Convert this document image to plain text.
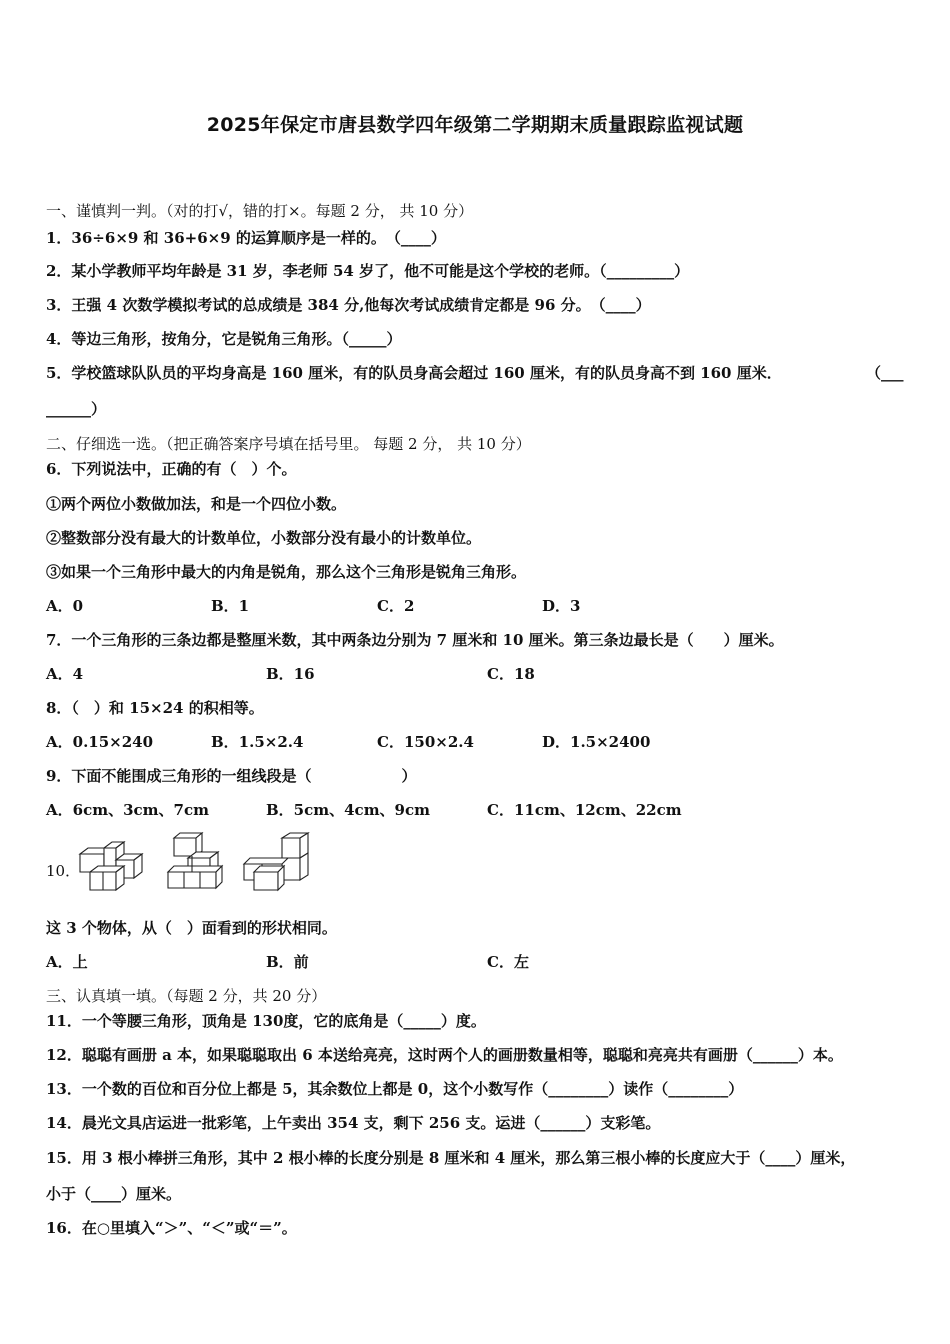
2025年保定市唐县数学四年级第二学期期末质量跟踪监视试题
一、谨慎判一判。（对的打√，错的打×。每题 2 分， 共 10 分）
1．36÷6×9 和 36+6×9 的运算顺序是一样的。　（____）
2．某小学教师平均年龄是 31 岁，李老师 54 岁了，他不可能是这个学校的老师。（_________）
3．王强 4 次数学模拟考试的总成绩是 384 分,他每次考试成绩肯定都是 96 分。　（____）
4．等边三角形，按角分，它是锐角三角形。（_____）
5．学校篮球队队员的平均身高是 160 厘米，有的队员身高会超过 160 厘米，有的队员身高不到 160 厘米．	（___
______）
二、仔细选一选。（把正确答案序号填在括号里。 每题 2 分， 共 10 分）
6．下列说法中，正确的有（　）个。
①两个两位小数做加法，和是一个四位小数。
②整数部分没有最大的计数单位，小数部分没有最小的计数单位。
③如果一个三角形中最大的内角是锐角，那么这个三角形是锐角三角形。
A．0	B．1	C．2	D．3
7．一个三角形的三条边都是整厘米数，其中两条边分别为 7 厘米和 10 厘米。第三条边最长是（　　）厘米。
A．4	B．16	C．18
8．（　）和 15×24 的积相等。
A．0.15×240	B．1.5×2.4	C．150×2.4	D．1.5×2400
9．下面不能围成三角形的一组线段是（　　　　　　）
A．6cm、3cm、7cm	B．5cm、4cm、9cm	C．11cm、12cm、22cm
10．
这 3 个物体，从（　）面看到的形状相同。
A．上	B．前	C．左
三、认真填一填。（每题 2 分，共 20 分）
11．一个等腰三角形，顶角是 130度，它的底角是（_____）度。
12．聪聪有画册 a 本，如果聪聪取出 6 本送给亮亮，这时两个人的画册数量相等，聪聪和亮亮共有画册（______）本。
13．一个数的百位和百分位上都是 5，其余数位上都是 0，这个小数写作（________）读作（________）
14．晨光文具店运进一批彩笔，上午卖出 354 支，剩下 256 支。运进（______）支彩笔。
15．用 3 根小棒拼三角形，其中 2 根小棒的长度分别是 8 厘米和 4 厘米，那么第三根小棒的长度应大于（____）厘米，
小于（____）厘米。
16．在○里填入“＞”、“＜”或“＝”。
